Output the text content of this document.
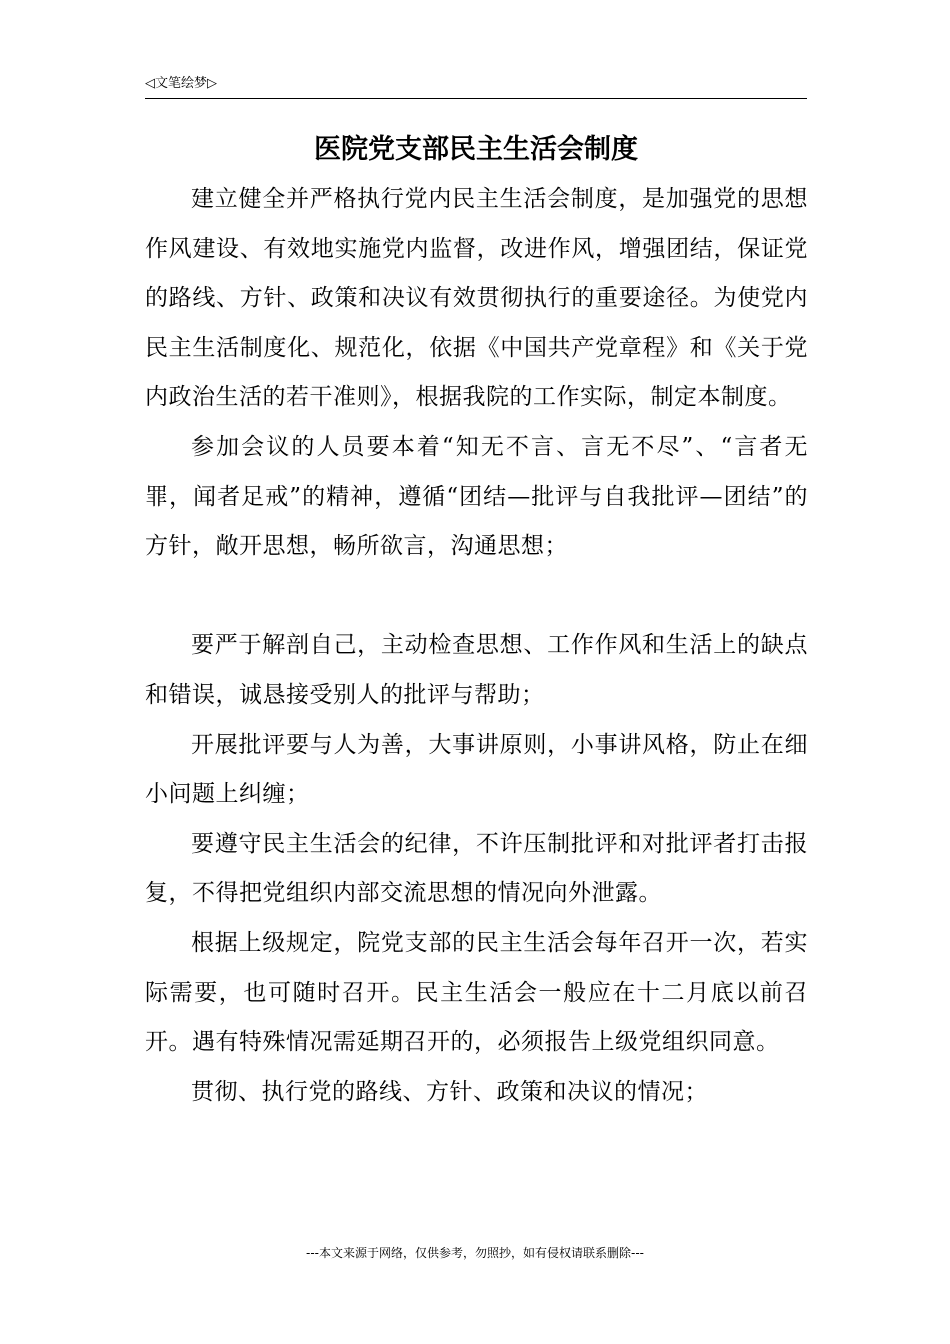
◁文笔绘梦▷
医院党支部民主生活会制度

建立健全并严格执行党内民主生活会制度，是加强党的思想作风建设、有效地实施党内监督，改进作风，增强团结，保证党的路线、方针、政策和决议有效贯彻执行的重要途径。为使党内民主生活制度化、规范化，依据《中国共产党章程》和《关于党内政治生活的若干准则》，根据我院的工作实际，制定本制度。

参加会议的人员要本着“知无不言、言无不尽”、“言者无罪，闻者足戒”的精神，遵循“团结—批评与自我批评—团结”的方针，敞开思想，畅所欲言，沟通思想；

要严于解剖自己，主动检查思想、工作作风和生活上的缺点和错误，诚恳接受别人的批评与帮助；

开展批评要与人为善，大事讲原则，小事讲风格，防止在细小问题上纠缠；

要遵守民主生活会的纪律，不许压制批评和对批评者打击报复，不得把党组织内部交流思想的情况向外泄露。

根据上级规定，院党支部的民主生活会每年召开一次，若实际需要，也可随时召开。民主生活会一般应在十二月底以前召开。遇有特殊情况需延期召开的，必须报告上级党组织同意。

贯彻、执行党的路线、方针、政策和决议的情况；

---本文来源于网络，仅供参考，勿照抄，如有侵权请联系删除---
